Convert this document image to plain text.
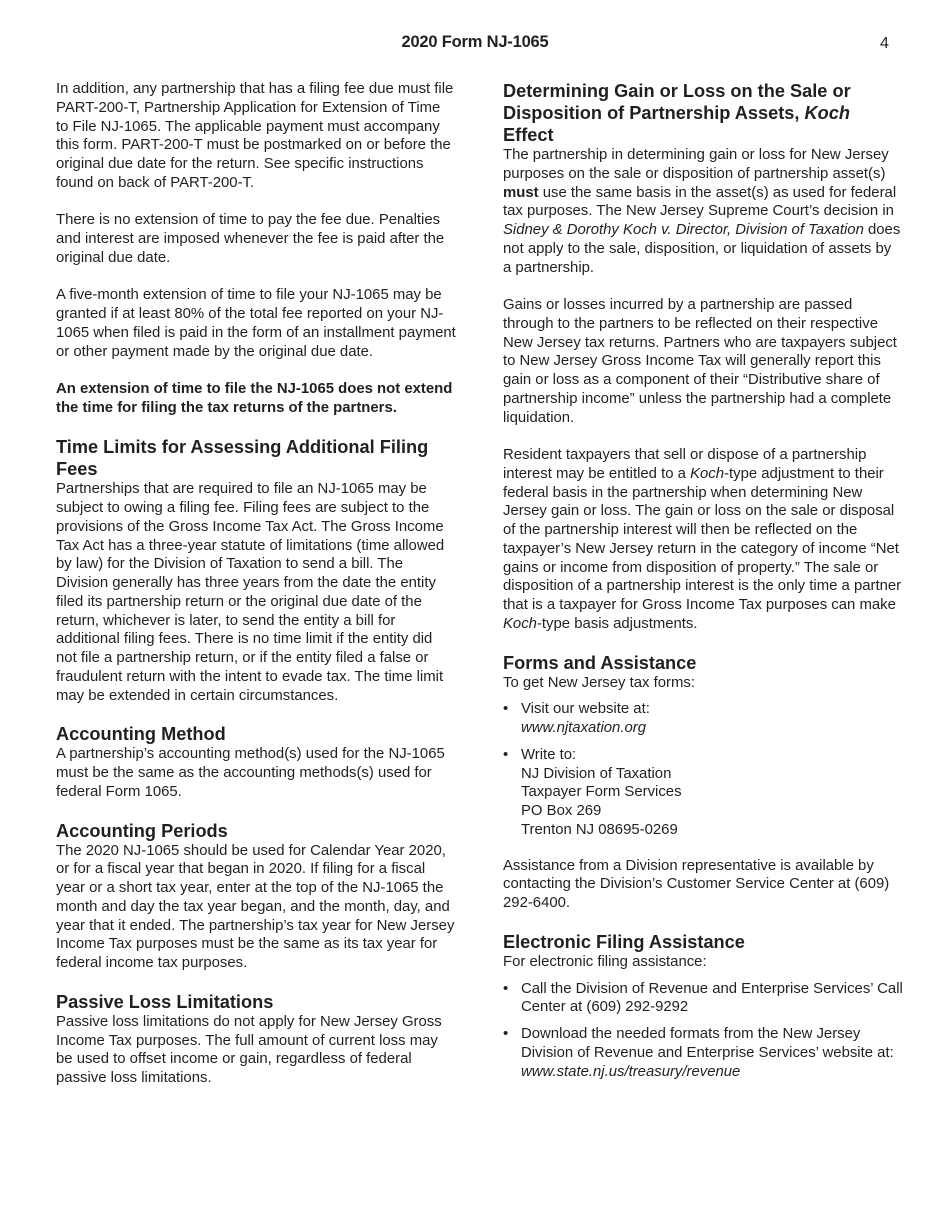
2020 Form NJ-1065	4

In addition, any partnership that has a filing fee due must file PART-200-T, Partnership Application for Extension of Time to File NJ-1065. The applicable payment must accompany this form. PART-200-T must be postmarked on or before the original due date for the return. See specific instructions found on back of PART-200-T.

There is no extension of time to pay the fee due. Penalties and interest are imposed whenever the fee is paid after the original due date.

A five-month extension of time to file your NJ-1065 may be granted if at least 80% of the total fee reported on your NJ-1065 when filed is paid in the form of an installment payment or other payment made by the original due date.

An extension of time to file the NJ-1065 does not extend the time for filing the tax returns of the partners.

Time Limits for Assessing Additional Filing Fees

Partnerships that are required to file an NJ-1065 may be subject to owing a filing fee. Filing fees are subject to the provisions of the Gross Income Tax Act. The Gross Income Tax Act has a three-year statute of limitations (time allowed by law) for the Division of Taxation to send a bill. The Division generally has three years from the date the entity filed its partnership return or the original due date of the return, whichever is later, to send the entity a bill for additional filing fees. There is no time limit if the entity did not file a partnership return, or if the entity filed a false or fraudulent return with the intent to evade tax. The time limit may be extended in certain circumstances.

Accounting Method

A partnership’s accounting method(s) used for the NJ-1065 must be the same as the accounting methods(s) used for federal Form 1065.

Accounting Periods

The 2020 NJ-1065 should be used for Calendar Year 2020, or for a fiscal year that began in 2020. If filing for a fiscal year or a short tax year, enter at the top of the NJ-1065 the month and day the tax year began, and the month, day, and year that it ended. The partnership’s tax year for New Jersey Income Tax purposes must be the same as its tax year for federal income tax purposes.

Passive Loss Limitations

Passive loss limitations do not apply for New Jersey Gross Income Tax purposes. The full amount of current loss may be used to offset income or gain, regardless of federal passive loss limitations.

Determining Gain or Loss on the Sale or Disposition of Partnership Assets, Koch Effect

The partnership in determining gain or loss for New Jersey purposes on the sale or disposition of partnership asset(s) must use the same basis in the asset(s) as used for federal tax purposes. The New Jersey Supreme Court’s decision in Sidney & Dorothy Koch v. Director, Division of Taxation does not apply to the sale, disposition, or liquidation of assets by a partnership.

Gains or losses incurred by a partnership are passed through to the partners to be reflected on their respective New Jersey tax returns. Partners who are taxpayers subject to New Jersey Gross Income Tax will generally report this gain or loss as a component of their “Distributive share of partnership income” unless the partnership had a complete liquidation.

Resident taxpayers that sell or dispose of a partnership interest may be entitled to a Koch-type adjustment to their federal basis in the partnership when determining New Jersey gain or loss. The gain or loss on the sale or disposal of the partnership interest will then be reflected on the taxpayer’s New Jersey return in the category of income “Net gains or income from disposition of property.” The sale or disposition of a partnership interest is the only time a partner that is a taxpayer for Gross Income Tax purposes can make Koch-type basis adjustments.

Forms and Assistance
To get New Jersey tax forms:
• Visit our website at:
www.njtaxation.org
• Write to:
NJ Division of Taxation
Taxpayer Form Services
PO Box 269
Trenton NJ 08695-0269

Assistance from a Division representative is available by contacting the Division’s Customer Service Center at (609) 292-6400.

Electronic Filing Assistance
For electronic filing assistance:
• Call the Division of Revenue and Enterprise Services’ Call Center at (609) 292-9292
• Download the needed formats from the New Jersey Division of Revenue and Enterprise Services’ website at: www.state.nj.us/treasury/revenue
